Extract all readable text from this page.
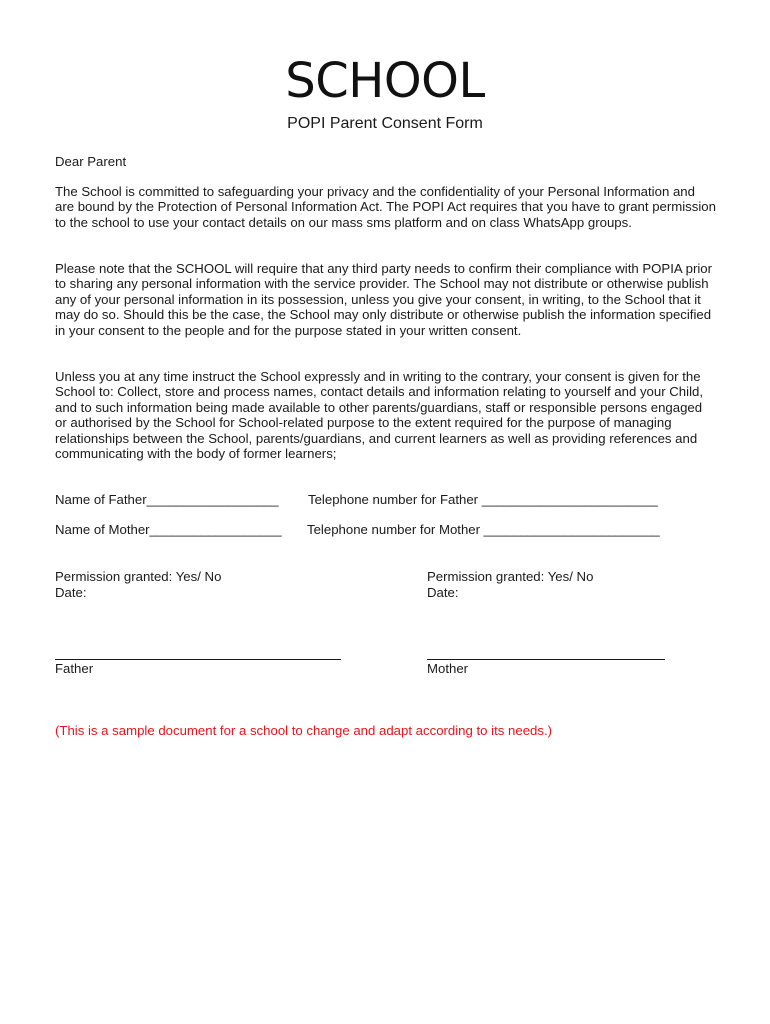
SCHOOL
POPI Parent Consent Form
Dear Parent
The School is committed to safeguarding your privacy and the confidentiality of your Personal Information and are bound by the Protection of Personal Information Act. The POPI Act requires that you have to grant permission to the school to use your contact details on our mass sms platform and on class WhatsApp groups.
Please note that the SCHOOL will require that any third party needs to confirm their compliance with POPIA prior to sharing any personal information with the service provider. The School may not distribute or otherwise publish any of your personal information in its possession, unless you give your consent, in writing, to the School that it may do so. Should this be the case, the School may only distribute or otherwise publish the information specified in your consent to the people and for the purpose stated in your written consent.
Unless you at any time instruct the School expressly and in writing to the contrary, your consent is given for the School to: Collect, store and process names, contact details and information relating to yourself and your Child, and to such information being made available to other parents/guardians, staff or responsible persons engaged or authorised by the School for School-related purpose to the extent required for the purpose of managing relationships between the School, parents/guardians, and current learners as well as providing references and communicating with the body of former learners;
Name of Father__________________ Telephone number for Father ________________________
Name of Mother__________________ Telephone number for Mother ________________________
Permission granted: Yes/ No
Date:
Permission granted: Yes/ No
Date:
Father	Mother
(This is a sample document for a school to change and adapt according to its needs.)
